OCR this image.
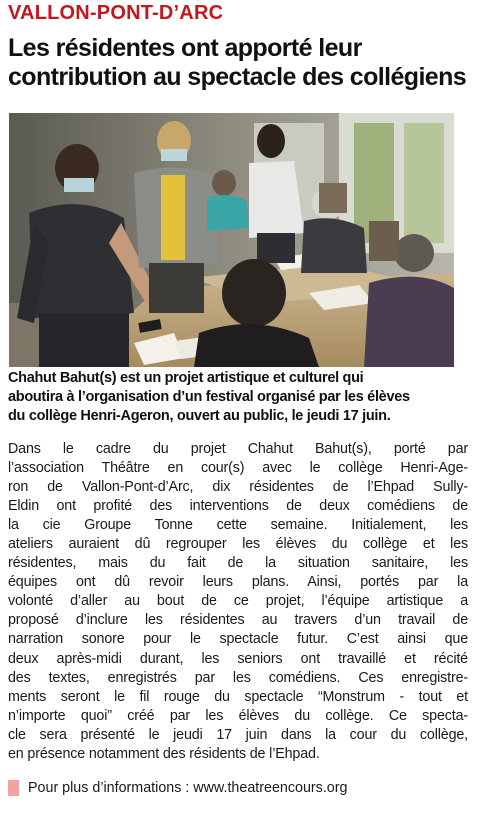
VALLON-PONT-D’ARC
Les résidentes ont apporté leur
contribution au spectacle des collégiens
Chahut Bahut(s) est un projet artistique et culturel qui
aboutira à l’organisation d’un festival organisé par les élèves
du collège Henri-Ageron, ouvert au public, le jeudi 17 juin.
Dans le cadre du projet Chahut Bahut(s), porté par
l’association Théâtre en cour(s) avec le collège Henri-Age-
ron de Vallon-Pont-d’Arc, dix résidentes de l’Ehpad Sully-
Eldin ont profité des interventions de deux comédiens de
la cie Groupe Tonne cette semaine. Initialement, les
ateliers auraient dû regrouper les élèves du collège et les
résidentes, mais du fait de la situation sanitaire, les
équipes ont dû revoir leurs plans. Ainsi, portés par la
volonté d’aller au bout de ce projet, l’équipe artistique a
proposé d’inclure les résidentes au travers d’un travail de
narration sonore pour le spectacle futur. C’est ainsi que
deux après-midi durant, les seniors ont travaillé et récité
des textes, enregistrés par les comédiens. Ces enregistre-
ments seront le fil rouge du spectacle “Monstrum - tout et
n’importe quoi” créé par les élèves du collège. Ce specta-
cle sera présenté le jeudi 17 juin dans la cour du collège,
en présence notamment des résidents de l’Ehpad.
Pour plus d’informations : www.theatreencours.org
